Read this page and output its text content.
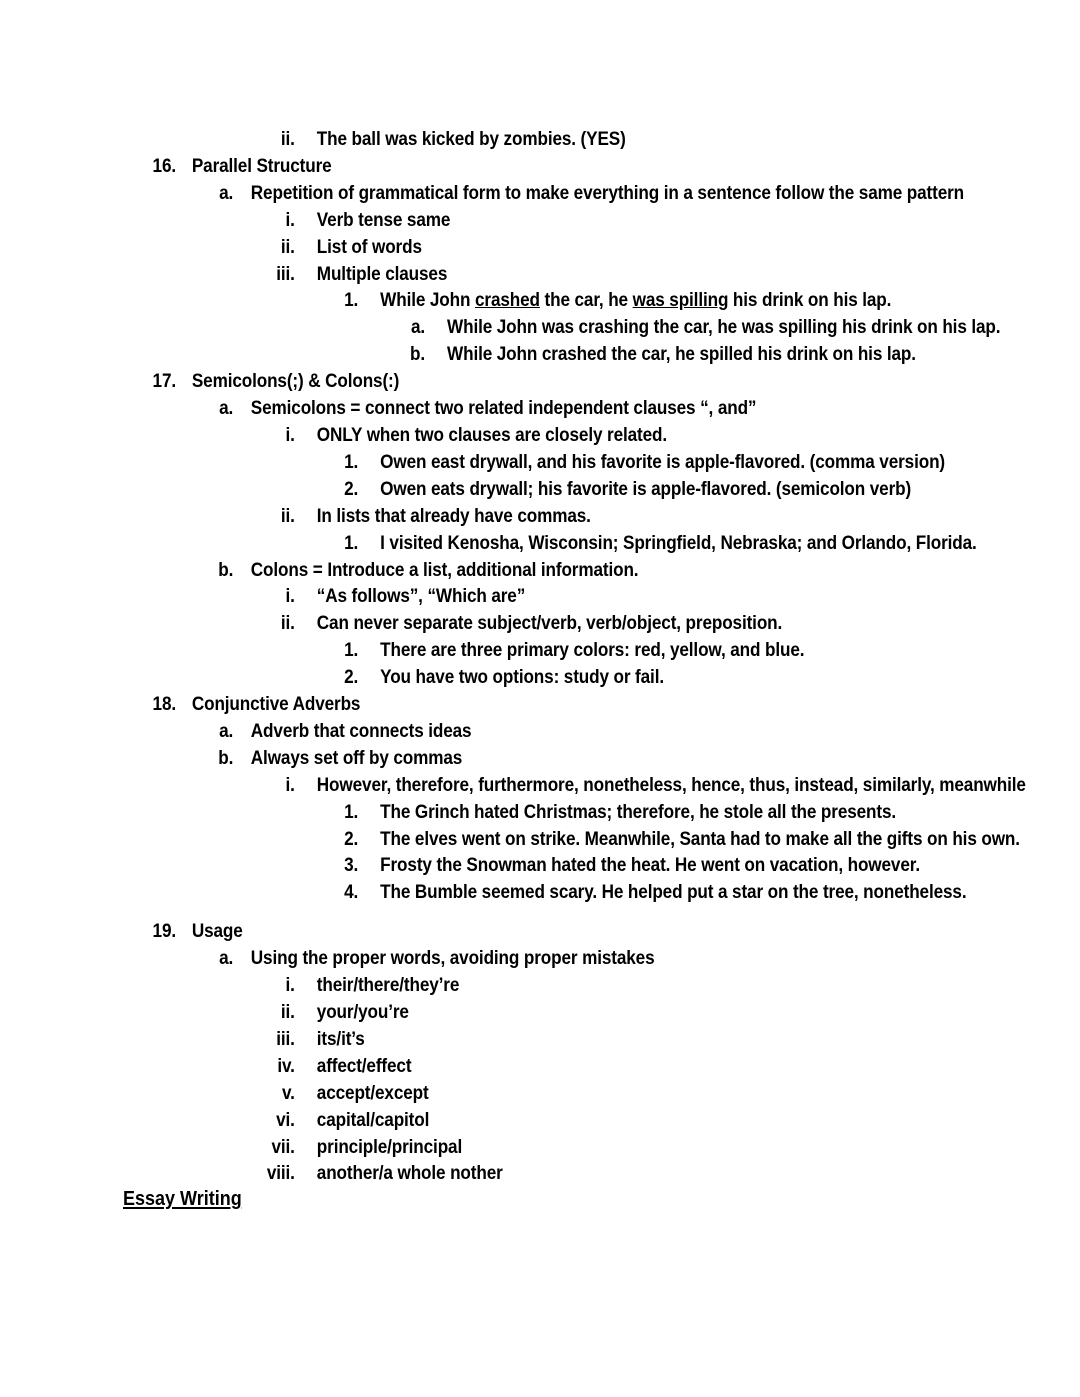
ii.	The ball was kicked by zombies. (YES)
16. Parallel Structure
a. Repetition of grammatical form to make everything in a sentence follow the same pattern
i.	Verb tense same
ii.	List of words
iii.	Multiple clauses
1.	While John crashed the car, he was spilling his drink on his lap.
a.	While John was crashing the car, he was spilling his drink on his lap.
b.	While John crashed the car, he spilled his drink on his lap.
17. Semicolons(;) & Colons(:)
a. Semicolons = connect two related independent clauses “, and”
i.	ONLY when two clauses are closely related.
1.	Owen east drywall, and his favorite is apple-flavored. (comma version)
2.	Owen eats drywall; his favorite is apple-flavored. (semicolon verb)
ii.	In lists that already have commas.
1.	I visited Kenosha, Wisconsin; Springfield, Nebraska; and Orlando, Florida.
b. Colons = Introduce a list, additional information.
i.	“As follows”, “Which are”
ii.	Can never separate subject/verb, verb/object, preposition.
1.	There are three primary colors: red, yellow, and blue.
2.	You have two options: study or fail.
18. Conjunctive Adverbs
a. Adverb that connects ideas
b. Always set off by commas
i.	However, therefore, furthermore, nonetheless, hence, thus, instead, similarly, meanwhile
1.	The Grinch hated Christmas; therefore, he stole all the presents.
2.	The elves went on strike. Meanwhile, Santa had to make all the gifts on his own.
3.	Frosty the Snowman hated the heat. He went on vacation, however.
4.	The Bumble seemed scary. He helped put a star on the tree, nonetheless.
19. Usage
a. Using the proper words, avoiding proper mistakes
i.	their/there/they’re
ii.	your/you’re
iii.	its/it’s
iv.	affect/effect
v.	accept/except
vi.	capital/capitol
vii.	principle/principal
viii.	another/a whole nother
Essay Writing
